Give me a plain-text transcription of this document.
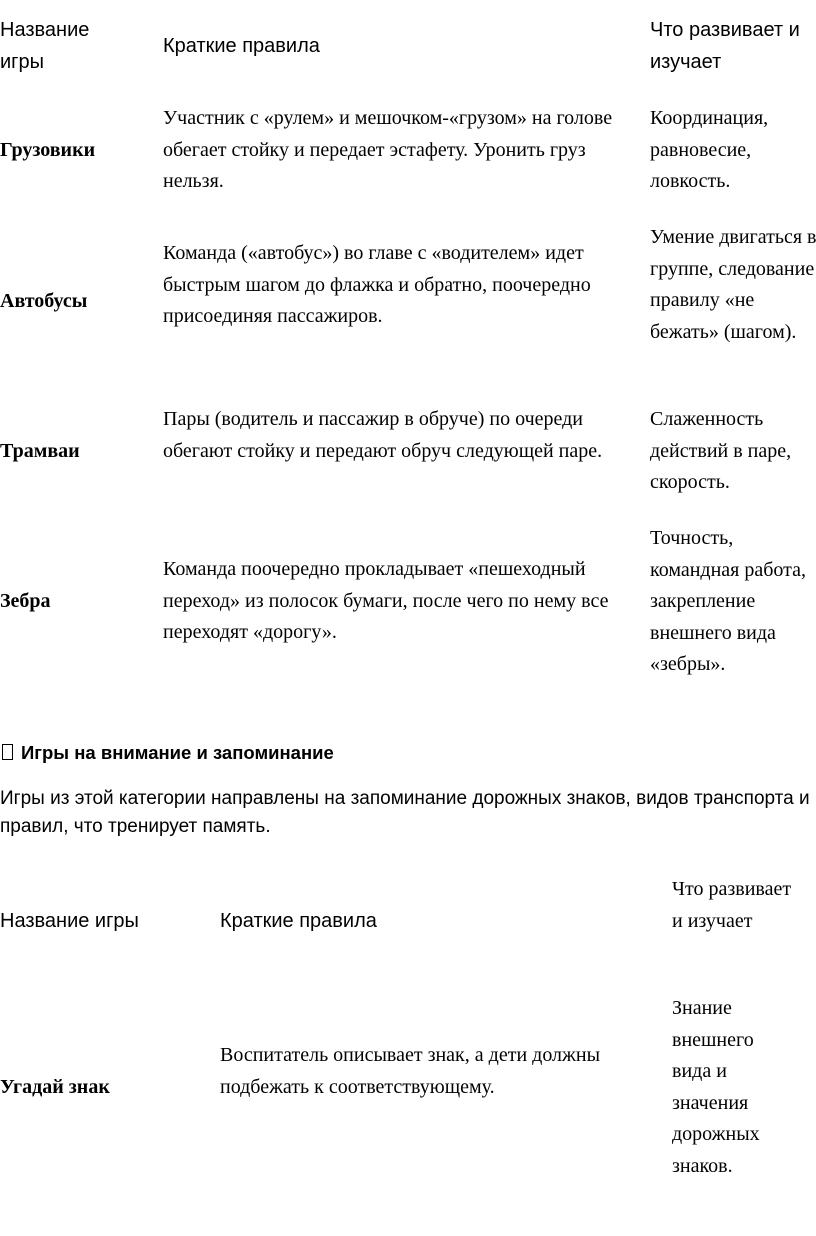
Название игры
Краткие правила
Что развивает и изучает
Грузовики
Участник с «рулем» и мешочком-«грузом» на голове обегает стойку и передает эстафету. Уронить груз нельзя.
Координация, равновесие, ловкость.
Автобусы
Команда («автобус») во главе с «водителем» идет быстрым шагом до флажка и обратно, поочередно присоединяя пассажиров.
Умение двигаться в группе, следование правилу «не бежать» (шагом).
Трамваи
Пары (водитель и пассажир в обруче) по очереди обегают стойку и передают обруч следующей паре.
Слаженность действий в паре, скорость.
Зебра
Команда поочередно прокладывает «пешеходный переход» из полосок бумаги, после чего по нему все переходят «дорогу».
Точность, командная работа, закрепление внешнего вида «зебры».
Игры на внимание и запоминание
Игры из этой категории направлены на запоминание дорожных знаков, видов транспорта и правил, что тренирует память.
Название игры	Краткие правила
Что развивает и изучает
Угадай знак
Воспитатель описывает знак, а дети должны подбежать к соответствующему.
Знание внешнего вида и значения дорожных знаков.
